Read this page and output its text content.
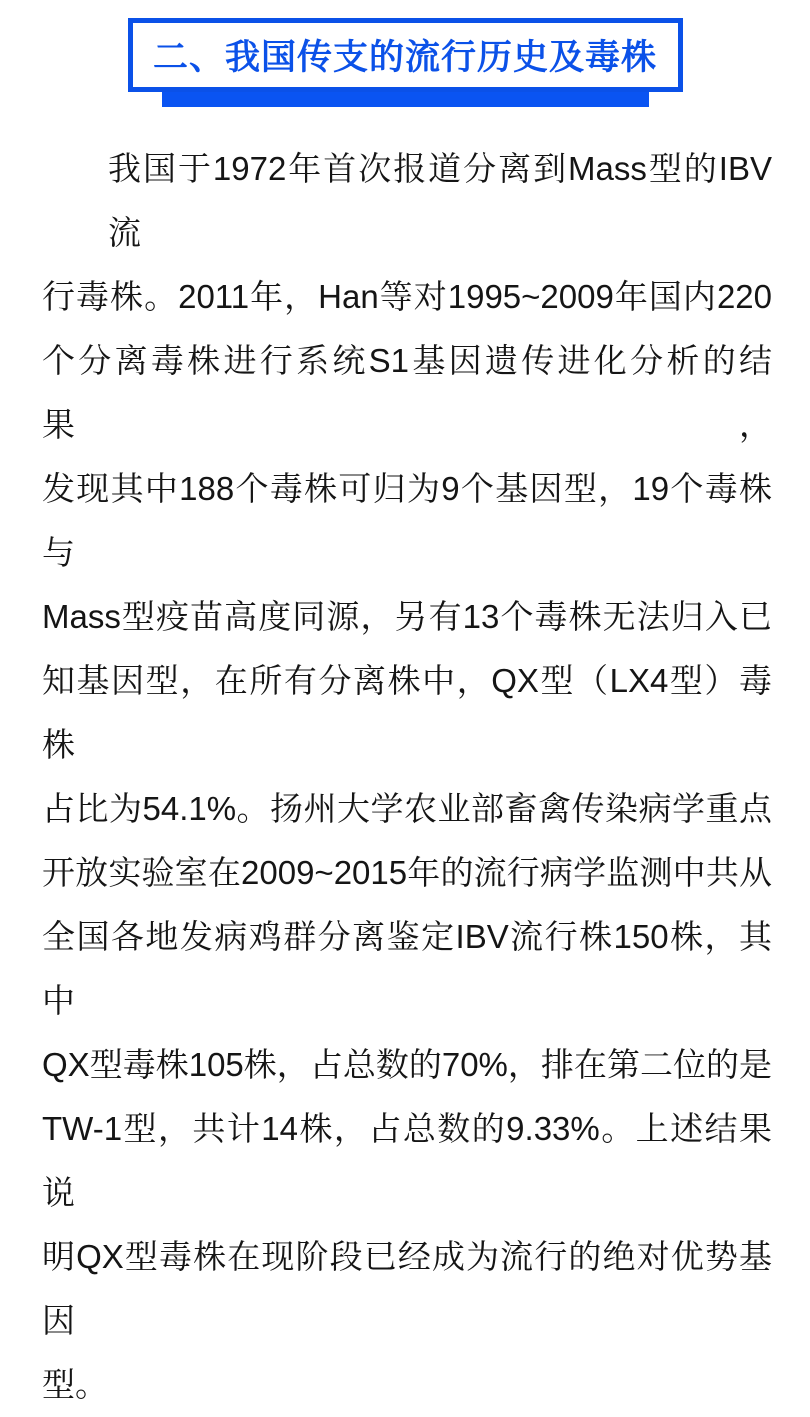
二、我国传支的流行历史及毒株
我国于1972年首次报道分离到Mass型的IBV流
行毒株。2011年，Han等对1995~2009年国内220
个分离毒株进行系统S1基因遗传进化分析的结果，
发现其中188个毒株可归为9个基因型，19个毒株与
Mass型疫苗高度同源，另有13个毒株无法归入已
知基因型，在所有分离株中，QX型（LX4型）毒株
占比为54.1%。扬州大学农业部畜禽传染病学重点
开放实验室在2009~2015年的流行病学监测中共从
全国各地发病鸡群分离鉴定IBV流行株150株，其中
QX型毒株105株，占总数的70%，排在第二位的是
TW-1型，共计14株，占总数的9.33%。上述结果说
明QX型毒株在现阶段已经成为流行的绝对优势基因
型。
